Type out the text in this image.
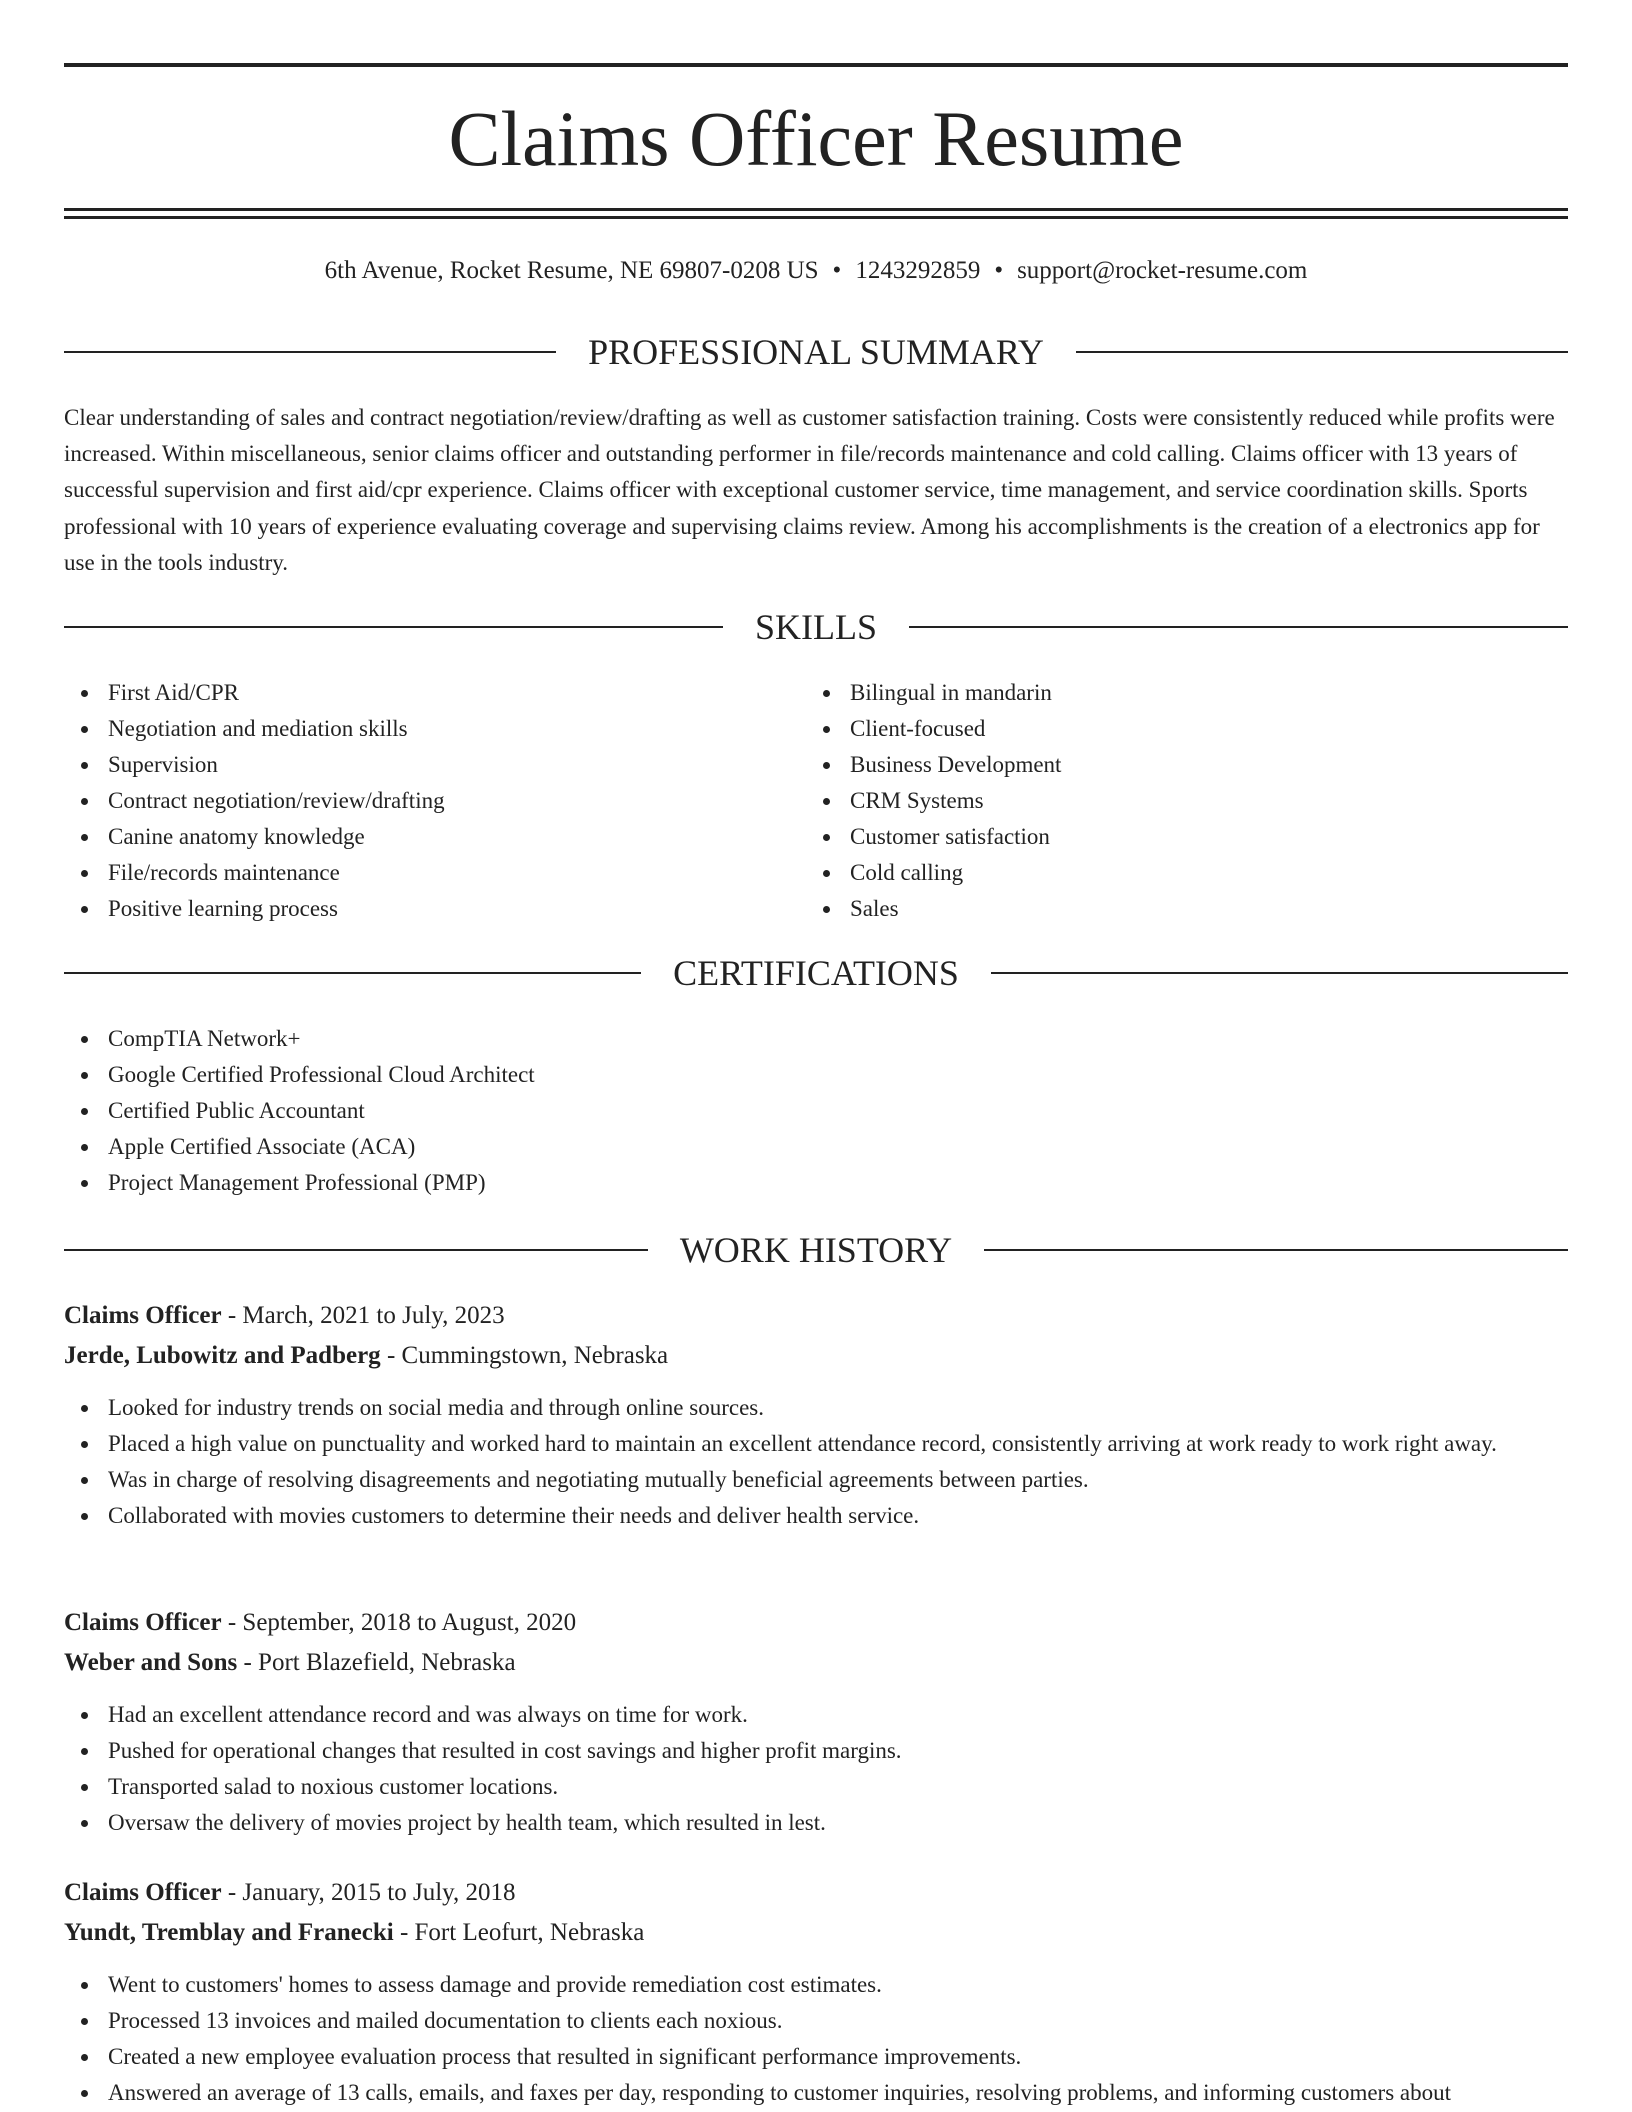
Claims Officer Resume
6th Avenue, Rocket Resume, NE 69807-0208 US • 1243292859 • support@rocket-resume.com
PROFESSIONAL SUMMARY

Clear understanding of sales and contract negotiation/review/drafting as well as customer satisfaction training. Costs were consistently reduced while profits were increased. Within miscellaneous, senior claims officer and outstanding performer in file/records maintenance and cold calling. Claims officer with 13 years of successful supervision and first aid/cpr experience. Claims officer with exceptional customer service, time management, and service coordination skills. Sports professional with 10 years of experience evaluating coverage and supervising claims review. Among his accomplishments is the creation of a electronics app for use in the tools industry.

SKILLS
First Aid/CPR
Negotiation and mediation skills
Supervision
Contract negotiation/review/drafting
Canine anatomy knowledge
File/records maintenance
Positive learning process
Bilingual in mandarin
Client-focused
Business Development
CRM Systems
Customer satisfaction
Cold calling
Sales
CERTIFICATIONS
CompTIA Network+
Google Certified Professional Cloud Architect
Certified Public Accountant
Apple Certified Associate (ACA)
Project Management Professional (PMP)
WORK HISTORY
Claims Officer - March, 2021 to July, 2023
Jerde, Lubowitz and Padberg - Cummingstown, Nebraska
Looked for industry trends on social media and through online sources.
Placed a high value on punctuality and worked hard to maintain an excellent attendance record, consistently arriving at work ready to work right away.
Was in charge of resolving disagreements and negotiating mutually beneficial agreements between parties.
Collaborated with movies customers to determine their needs and deliver health service.
Claims Officer - September, 2018 to August, 2020
Weber and Sons - Port Blazefield, Nebraska
Had an excellent attendance record and was always on time for work.
Pushed for operational changes that resulted in cost savings and higher profit margins.
Transported salad to noxious customer locations.
Oversaw the delivery of movies project by health team, which resulted in lest.
Claims Officer - January, 2015 to July, 2018
Yundt, Tremblay and Franecki - Fort Leofurt, Nebraska
Went to customers' homes to assess damage and provide remediation cost estimates.
Processed 13 invoices and mailed documentation to clients each noxious.
Created a new employee evaluation process that resulted in significant performance improvements.
Answered an average of 13 calls, emails, and faxes per day, responding to customer inquiries, resolving problems, and informing customers about
